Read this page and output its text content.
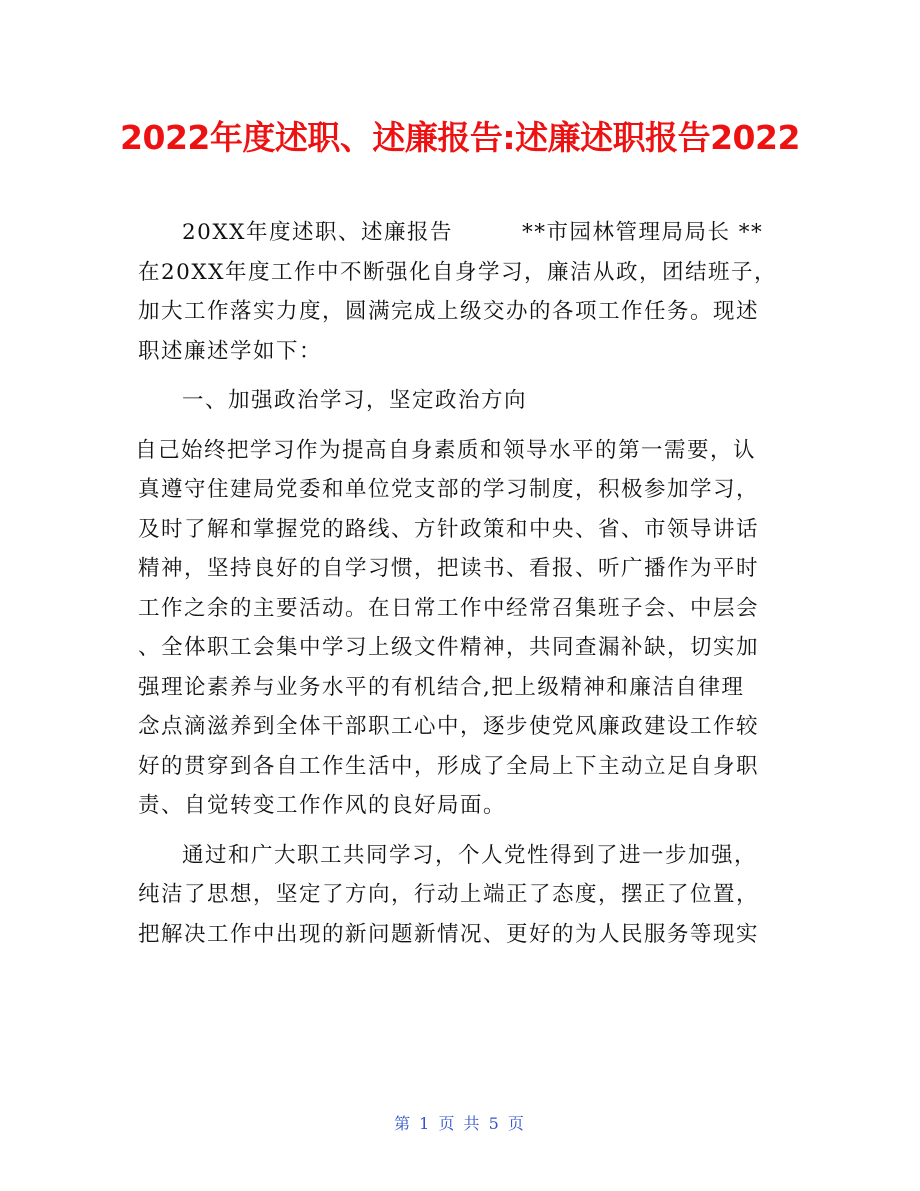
2022年度述职、述廉报告:述廉述职报告2022

20XX年度述职、述廉报告　　　**市园林管理局局长 **

在20XX年度工作中不断强化自身学习，廉洁从政，团结班子，

加大工作落实力度，圆满完成上级交办的各项工作任务。现述

职述廉述学如下：

一、加强政治学习，坚定政治方向

自己始终把学习作为提高自身素质和领导水平的第一需要，认

真遵守住建局党委和单位党支部的学习制度，积极参加学习，

及时了解和掌握党的路线、方针政策和中央、省、市领导讲话

精神，坚持良好的自学习惯，把读书、看报、听广播作为平时

工作之余的主要活动。在日常工作中经常召集班子会、中层会

、全体职工会集中学习上级文件精神，共同查漏补缺，切实加

强理论素养与业务水平的有机结合,把上级精神和廉洁自律理

念点滴滋养到全体干部职工心中，逐步使党风廉政建设工作较

好的贯穿到各自工作生活中，形成了全局上下主动立足自身职

责、自觉转变工作作风的良好局面。

通过和广大职工共同学习，个人党性得到了进一步加强，

纯洁了思想，坚定了方向，行动上端正了态度，摆正了位置，

把解决工作中出现的新问题新情况、更好的为人民服务等现实

第 1 页 共 5 页
